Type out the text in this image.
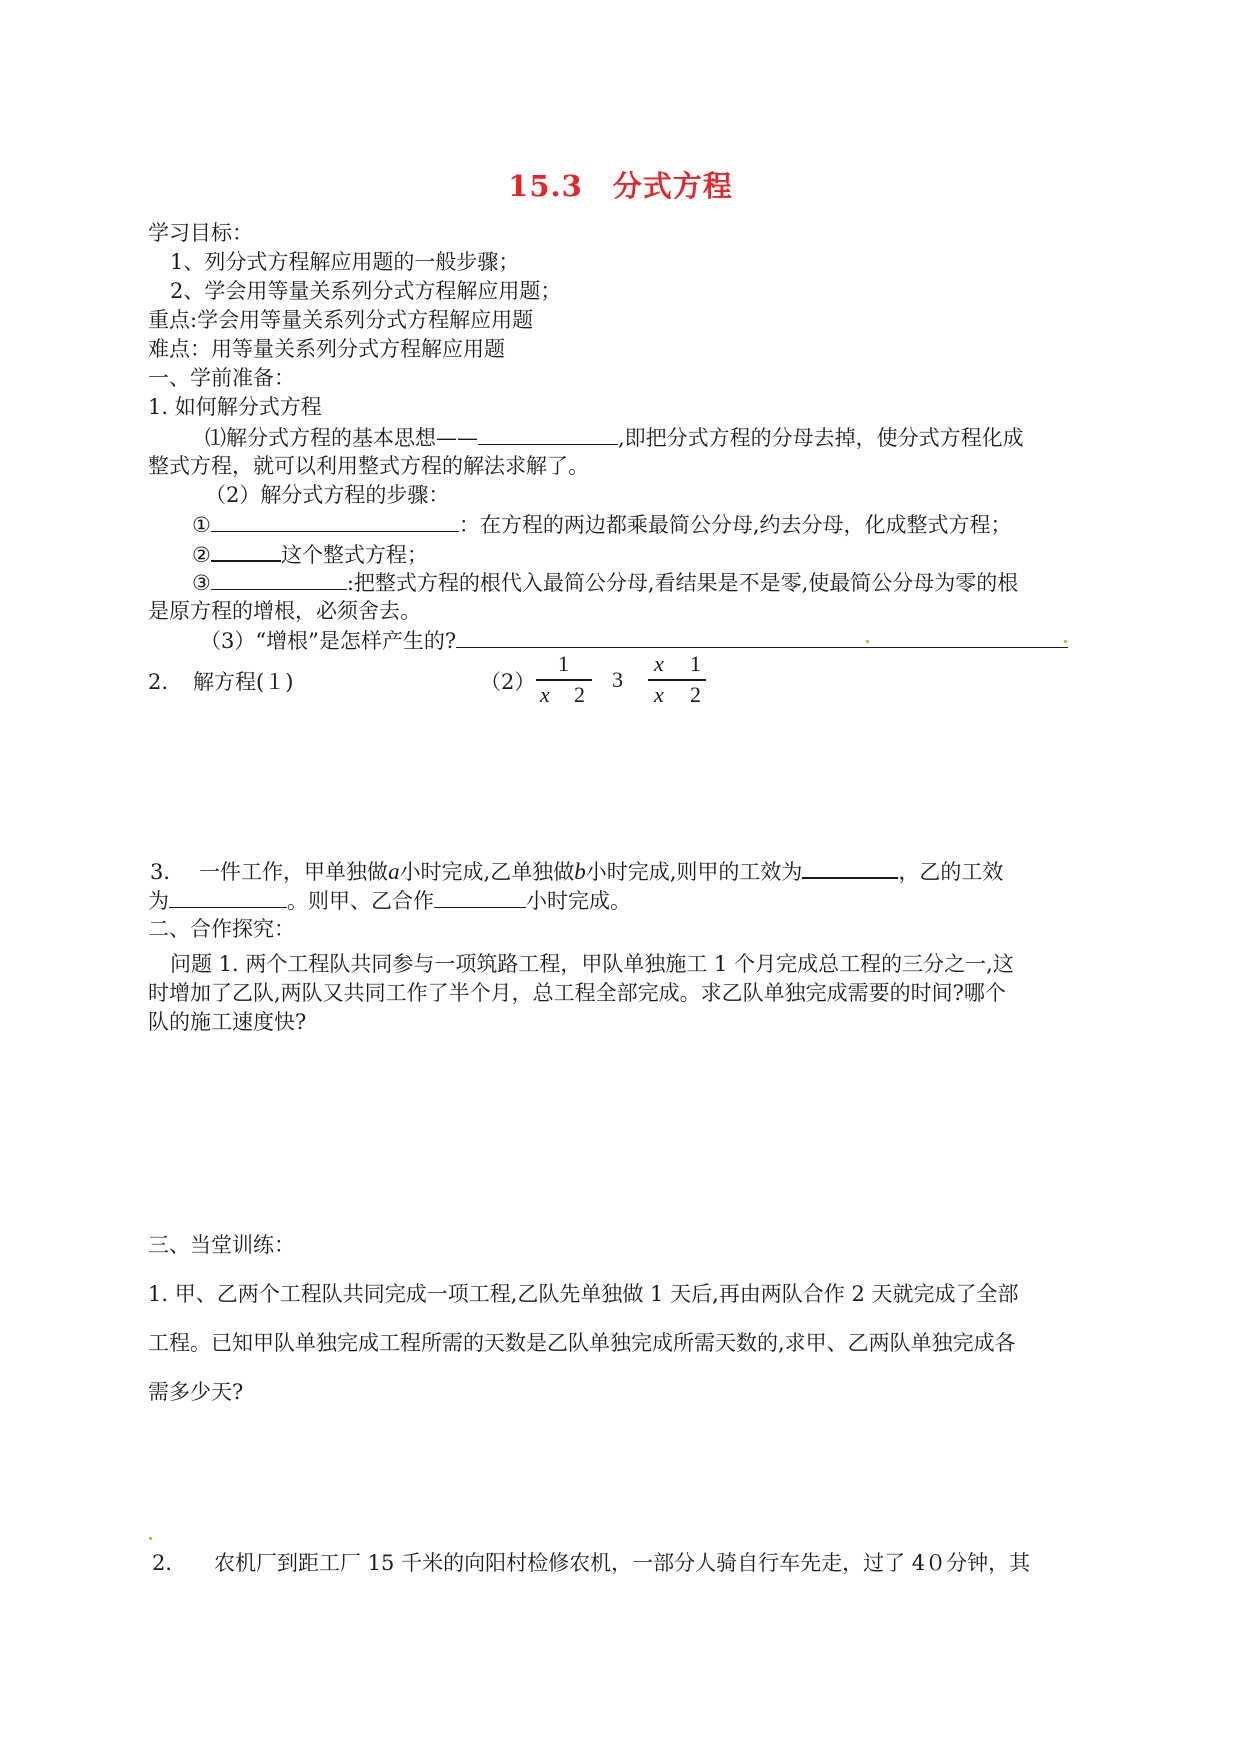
15.3　分式方程
学习目标：
1、列分式方程解应用题的一般步骤；
2、学会用等量关系列分式方程解应用题；
重点:学会用等量关系列分式方程解应用题
难点：用等量关系列分式方程解应用题
一、学前准备：
1. 如何解分式方程
⑴解分式方程的基本思想——	,即把分式方程的分母去掉，使分式方程化成
整式方程，就可以利用整式方程的解法求解了。
（2）解分式方程的步骤：
①	：在方程的两边都乘最简公分母,约去分母，化成整式方程；
②	这个整式方程；
③	:把整式方程的根代入最简公分母,看结果是不是零,使最简公分母为零的根
是原方程的增根，必须舍去。
（3）“增根”是怎样产生的?
2. 解方程(１)	（2）
1
x 2
3
x 1
x 2
3． 一件工作，甲单独做a小时完成,乙单独做b小时完成,则甲的工效为	，乙的工效
为	。则甲、乙合作	小时完成。
二、合作探究：
问题 1. 两个工程队共同参与一项筑路工程，甲队单独施工 1 个月完成总工程的三分之一,这
时增加了乙队,两队又共同工作了半个月，总工程全部完成。求乙队单独完成需要的时间?哪个
队的施工速度快?
三、当堂训练：
1. 甲、乙两个工程队共同完成一项工程,乙队先单独做 1 天后,再由两队合作 2 天就完成了全部
工程。已知甲队单独完成工程所需的天数是乙队单独完成所需天数的,求甲、乙两队单独完成各
需多少天?
2． 农机厂到距工厂 15 千米的向阳村检修农机，一部分人骑自行车先走，过了 4０分钟，其
